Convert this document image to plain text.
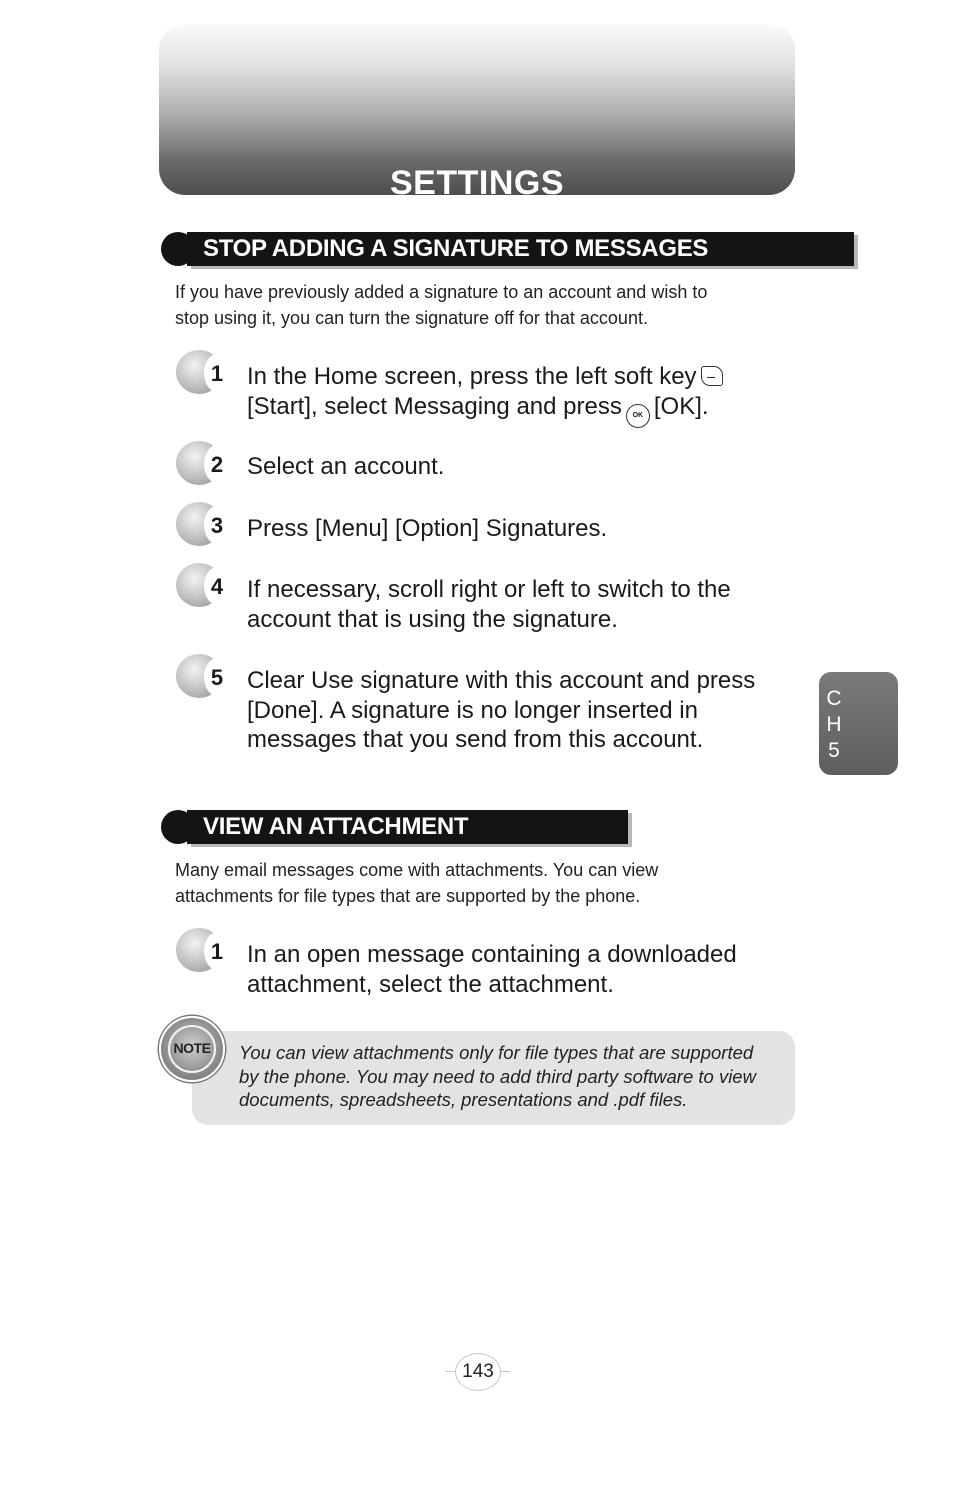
SETTINGS
STOP ADDING A SIGNATURE TO MESSAGES
If you have previously added a signature to an account and wish to
stop using it, you can turn the signature off for that account.
1 In the Home screen, press the left soft key
[Start], select Messaging and press OK [OK].
2 Select an account.
3 Press [Menu] [Option] Signatures.
4 If necessary, scroll right or left to switch to the
account that is using the signature.
5 Clear Use signature with this account and press
[Done]. A signature is no longer inserted in
messages that you send from this account.
C
H
5
VIEW AN ATTACHMENT
Many email messages come with attachments. You can view
attachments for file types that are supported by the phone.
1 In an open message containing a downloaded
attachment, select the attachment.
NOTE	You can view attachments only for file types that are supported
by the phone. You may need to add third party software to view
documents, spreadsheets, presentations and .pdf files.
143
